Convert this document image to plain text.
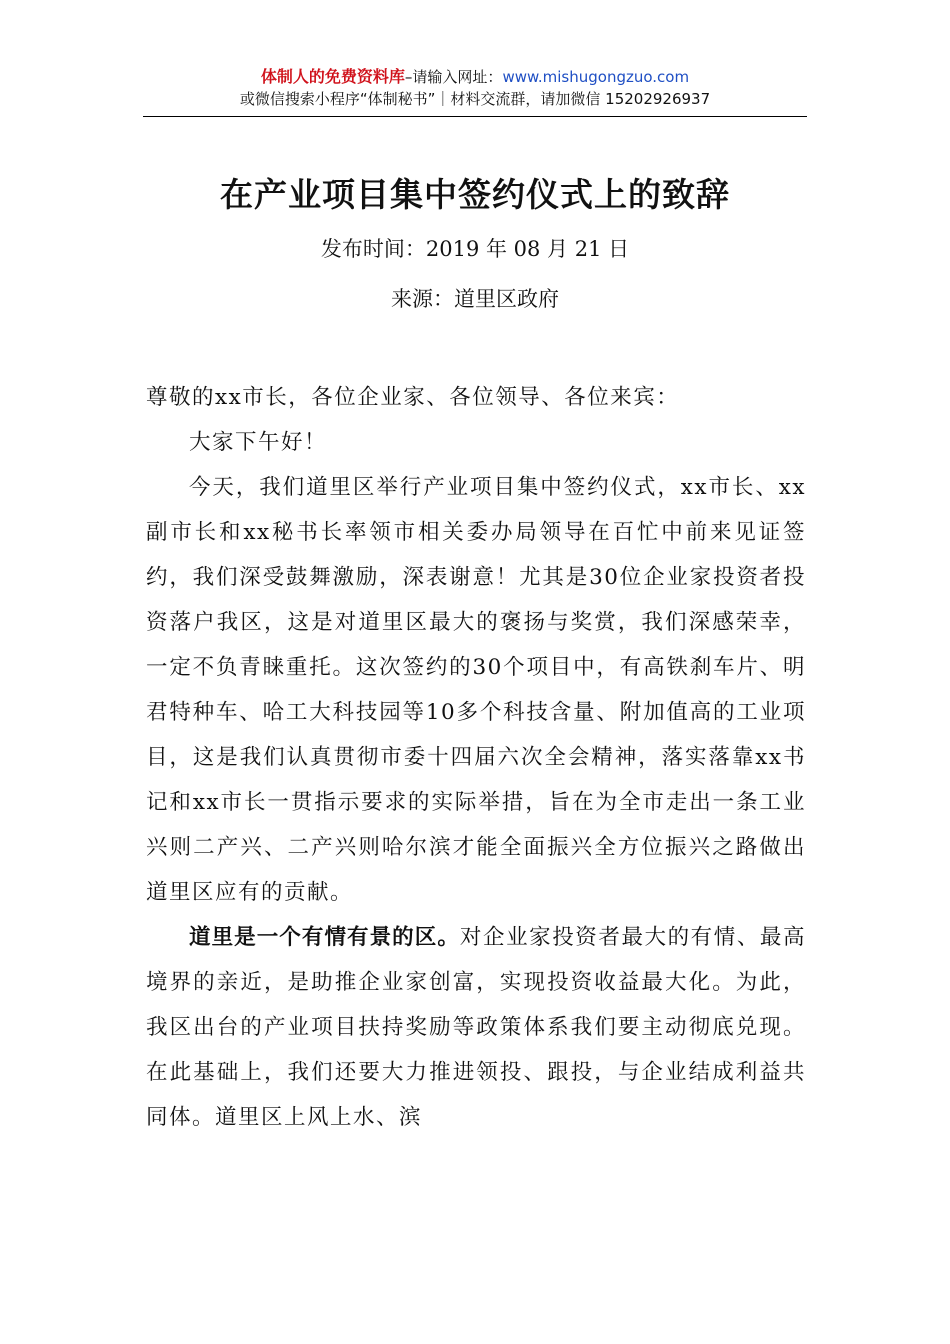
体制人的免费资料库–请输入网址：www.mishugongzuo.com
或微信搜索小程序“体制秘书”｜材料交流群，请加微信 15202926937
在产业项目集中签约仪式上的致辞
发布时间：2019 年 08 月 21 日
来源：道里区政府

尊敬的xx市长，各位企业家、各位领导、各位来宾：

大家下午好！

今天，我们道里区举行产业项目集中签约仪式，xx市长、xx副市长和xx秘书长率领市相关委办局领导在百忙中前来见证签约，我们深受鼓舞激励，深表谢意！尤其是30位企业家投资者投资落户我区，这是对道里区最大的褒扬与奖赏，我们深感荣幸，一定不负青睐重托。这次签约的30个项目中，有高铁刹车片、明君特种车、哈工大科技园等10多个科技含量、附加值高的工业项目，这是我们认真贯彻市委十四届六次全会精神，落实落靠xx书记和xx市长一贯指示要求的实际举措，旨在为全市走出一条工业兴则二产兴、二产兴则哈尔滨才能全面振兴全方位振兴之路做出道里区应有的贡献。

道里是一个有情有景的区。对企业家投资者最大的有情、最高境界的亲近，是助推企业家创富，实现投资收益最大化。为此，我区出台的产业项目扶持奖励等政策体系我们要主动彻底兑现。在此基础上，我们还要大力推进领投、跟投，与企业结成利益共同体。道里区上风上水、滨
